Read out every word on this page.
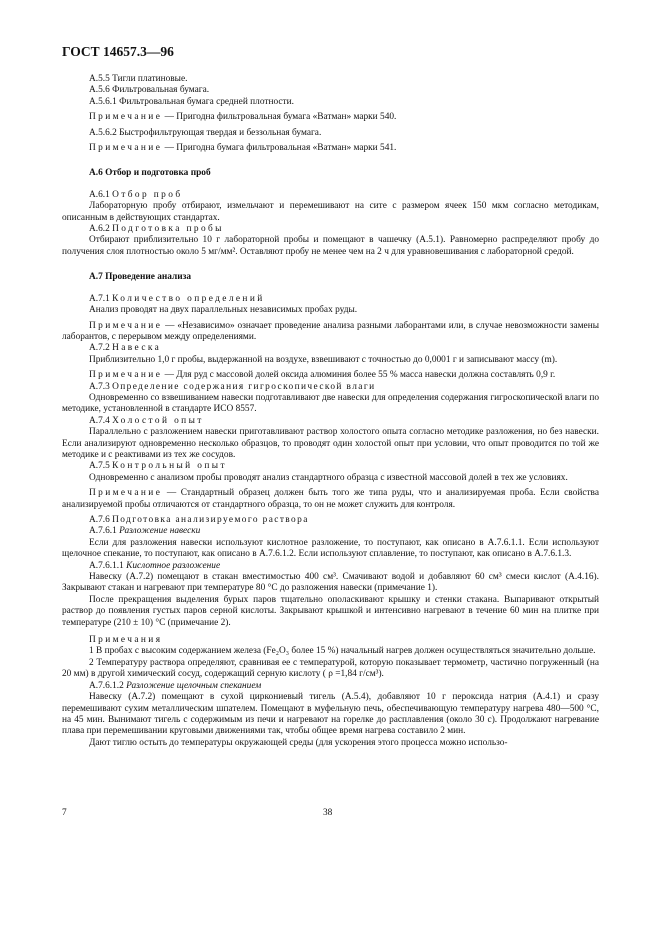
ГОСТ 14657.3—96

А.5.5 Тигли платиновые.

А.5.6 Фильтровальная бумага.

А.5.6.1 Фильтровальная бумага средней плотности.

Примечание — Пригодна фильтровальная бумага «Ватман» марки 540.

А.5.6.2 Быстрофильтрующая твердая и беззольная бумага.

Примечание — Пригодна бумага фильтровальная «Ватман» марки 541.

А.6 Отбор и подготовка проб

А.6.1 Отбор проб

Лабораторную пробу отбирают, измельчают и перемешивают на сите с размером ячеек 150 мкм согласно методикам, описанным в действующих стандартах.

А.6.2 Подготовка пробы

Отбирают приблизительно 10 г лабораторной пробы и помещают в чашечку (А.5.1). Равномерно распределяют пробу до получения слоя плотностью около 5 мг/мм². Оставляют пробу не менее чем на 2 ч для уравновешивания с лабораторной средой.

А.7 Проведение анализа

А.7.1 Количество определений

Анализ проводят на двух параллельных независимых пробах руды.

Примечание — «Независимо» означает проведение анализа разными лаборантами или, в случае невозможности замены лаборантов, с перерывом между определениями.

А.7.2 Навеска

Приблизительно 1,0 г пробы, выдержанной на воздухе, взвешивают с точностью до 0,0001 г и записывают массу (m).

Примечание — Для руд с массовой долей оксида алюминия более 55 % масса навески должна составлять 0,9 г.

А.7.3 Определение содержания гигроскопической влаги

Одновременно со взвешиванием навески подготавливают две навески для определения содержания гигроскопической влаги по методике, установленной в стандарте ИСО 8557.

А.7.4 Холостой опыт

Параллельно с разложением навески приготавливают раствор холостого опыта согласно методике разложения, но без навески. Если анализируют одновременно несколько образцов, то проводят один холостой опыт при условии, что опыт проводится по той же методике и с реактивами из тех же сосудов.

А.7.5 Контрольный опыт

Одновременно с анализом пробы проводят анализ стандартного образца с известной массовой долей в тех же условиях.

Примечание — Стандартный образец должен быть того же типа руды, что и анализируемая проба. Если свойства анализируемой пробы отличаются от стандартного образца, то он не может служить для контроля.

А.7.6 Подготовка анализируемого раствора

А.7.6.1 Разложение навески

Если для разложения навески используют кислотное разложение, то поступают, как описано в А.7.6.1.1. Если используют щелочное спекание, то поступают, как описано в А.7.6.1.2. Если используют сплавление, то поступают, как описано в А.7.6.1.3.

А.7.6.1.1 Кислотное разложение

Навеску (А.7.2) помещают в стакан вместимостью 400 см³. Смачивают водой и добавляют 60 см³ смеси кислот (А.4.16). Закрывают стакан и нагревают при температуре 80 °С до разложения навески (примечание 1).

После прекращения выделения бурых паров тщательно ополаскивают крышку и стенки стакана. Выпаривают открытый раствор до появления густых паров серной кислоты. Закрывают крышкой и интенсивно нагревают в течение 60 мин на плитке при температуре (210 ± 10) °С (примечание 2).

Примечания

1 В пробах с высоким содержанием железа (Fe₂O₃ более 15 %) начальный нагрев должен осуществляться значительно дольше.

2 Температуру раствора определяют, сравнивая ее с температурой, которую показывает термометр, частично погруженный (на 20 мм) в другой химический сосуд, содержащий серную кислоту ( ρ =1,84 г/см³).

А.7.6.1.2 Разложение щелочным спеканием

Навеску (А.7.2) помещают в сухой циркониевый тигель (А.5.4), добавляют 10 г пероксида натрия (А.4.1) и сразу перемешивают сухим металлическим шпателем. Помещают в муфельную печь, обеспечивающую температуру нагрева 480—500 °С, на 45 мин. Вынимают тигель с содержимым из печи и нагревают на горелке до расплавления (около 30 с). Продолжают нагревание плава при перемешивании круговыми движениями так, чтобы общее время нагрева составило 2 мин.

Дают тиглю остыть до температуры окружающей среды (для ускорения этого процесса можно использо-

7	38
